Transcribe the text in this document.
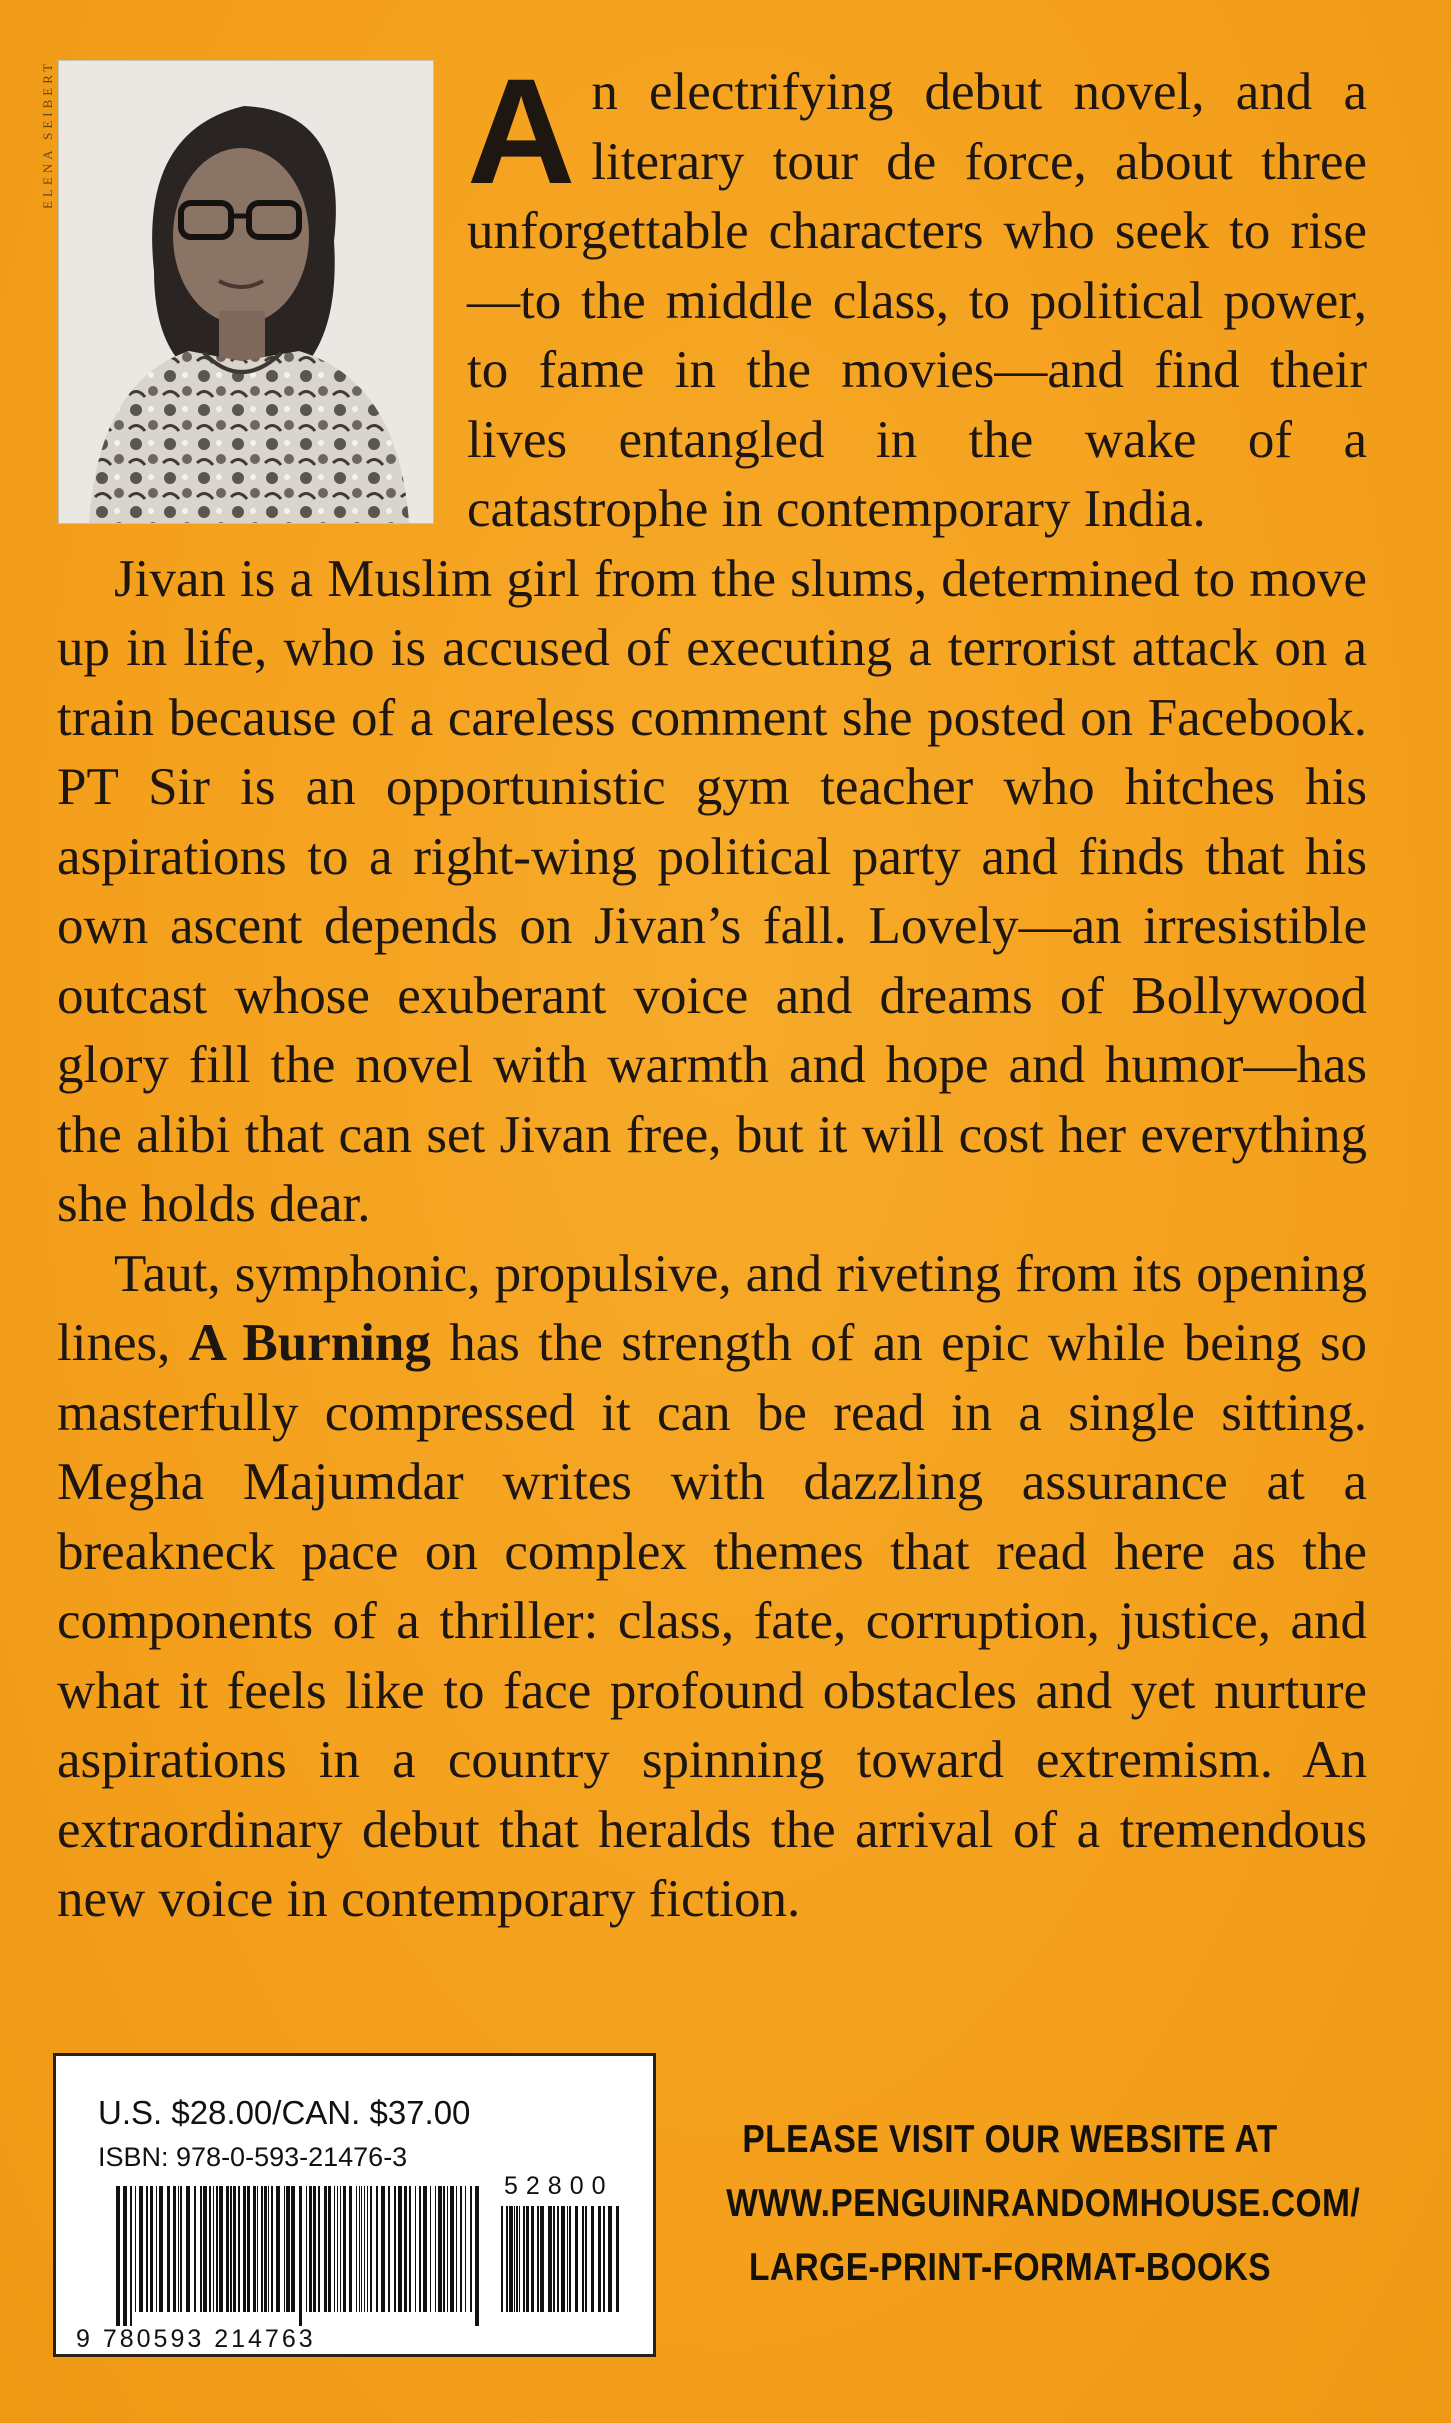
ELENA SEIBERT	An electrifying debut novel, and a literary tour de force, about three unforgettable characters who seek to rise—to the middle class, to political power, to fame in the movies—and find their lives entangled in the wake of a catastrophe in contemporary India.

Jivan is a Muslim girl from the slums, determined to move up in life, who is accused of executing a terrorist attack on a train because of a careless comment she posted on Facebook. PT Sir is an opportunistic gym teacher who hitches his aspirations to a right-wing political party and finds that his own ascent depends on Jivan’s fall. Lovely—an irresistible outcast whose exuberant voice and dreams of Bollywood glory fill the novel with warmth and hope and humor—has the alibi that can set Jivan free, but it will cost her everything she holds dear.

Taut, symphonic, propulsive, and riveting from its opening lines, A Burning has the strength of an epic while being so masterfully compressed it can be read in a single sitting. Megha Majumdar writes with dazzling assurance at a breakneck pace on complex themes that read here as the components of a thriller: class, fate, corruption, justice, and what it feels like to face profound obstacles and yet nurture aspirations in a country spinning toward extremism. An extraordinary debut that heralds the arrival of a tremendous new voice in contemporary fiction.

U.S. $28.00/CAN. $37.00
ISBN: 978-0-593-21476-3
9 780593 214763
52800
PLEASE VISIT OUR WEBSITE AT
WWW.PENGUINRANDOMHOUSE.COM/
LARGE-PRINT-FORMAT-BOOKS
